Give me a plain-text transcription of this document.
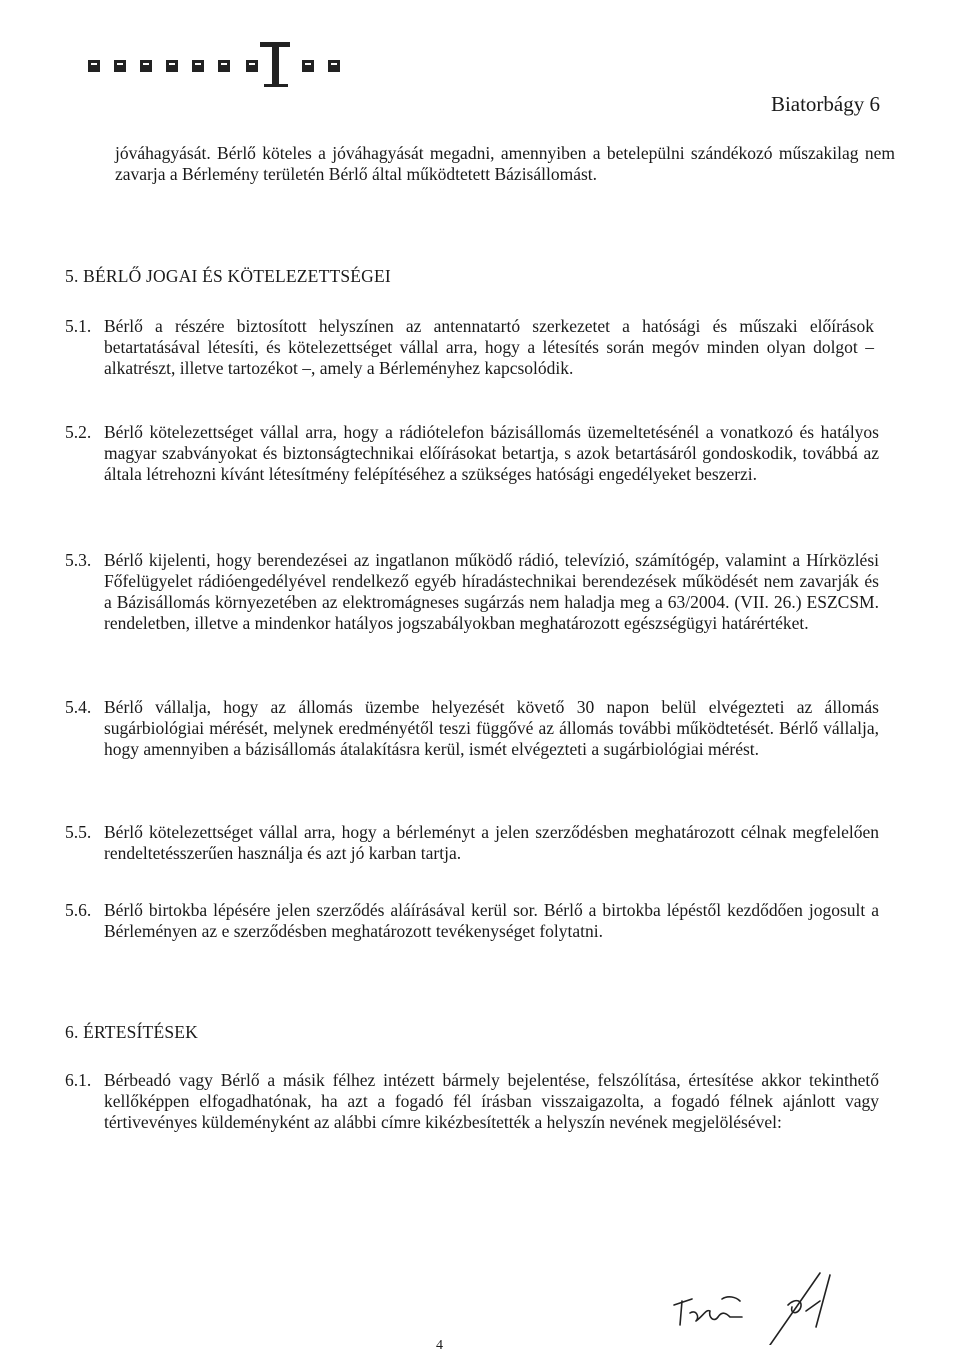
Biatorbágy 6

jóváhagyását. Bérlő köteles a jóváhagyását megadni, amennyiben a betelepülni szándékozó műszakilag nem zavarja a Bérlemény területén Bérlő által működtetett Bázisállomást.

5. BÉRLŐ JOGAI ÉS KÖTELEZETTSÉGEI
5.1. Bérlő a részére biztosított helyszínen az antennatartó szerkezetet a hatósági és műszaki előírások betartatásával létesíti, és kötelezettséget vállal arra, hogy a létesítés során megóv minden olyan dolgot – alkatrészt, illetve tartozékot –, amely a Bérleményhez kapcsolódik.

5.2. Bérlő kötelezettséget vállal arra, hogy a rádiótelefon bázisállomás üzemeltetésénél a vonatkozó és hatályos magyar szabványokat és biztonságtechnikai előírásokat betartja, s azok betartásáról gondoskodik, továbbá az általa létrehozni kívánt létesítmény felépítéséhez a szükséges hatósági engedélyeket beszerzi.

5.3. Bérlő kijelenti, hogy berendezései az ingatlanon működő rádió, televízió, számítógép, valamint a Hírközlési Főfelügyelet rádióengedélyével rendelkező egyéb híradástechnikai berendezések működését nem zavarják és a Bázisállomás környezetében az elektromágneses sugárzás nem haladja meg a 63/2004. (VII. 26.) ESZCSM. rendeletben, illetve a mindenkor hatályos jogszabályokban meghatározott egészségügyi határértéket.

5.4. Bérlő vállalja, hogy az állomás üzembe helyezését követő 30 napon belül elvégezteti az állomás sugárbiológiai mérését, melynek eredményétől teszi függővé az állomás további működtetését. Bérlő vállalja, hogy amennyiben a bázisállomás átalakításra kerül, ismét elvégezteti a sugárbiológiai mérést.

5.5. Bérlő kötelezettséget vállal arra, hogy a bérleményt a jelen szerződésben meghatározott célnak megfelelően rendeltetésszerűen használja és azt jó karban tartja.

5.6. Bérlő birtokba lépésére jelen szerződés aláírásával kerül sor. Bérlő a birtokba lépéstől kezdődően jogosult a Bérleményen az e szerződésben meghatározott tevékenységet folytatni.

6. ÉRTESÍTÉSEK
6.1. Bérbeadó vagy Bérlő a másik félhez intézett bármely bejelentése, felszólítása, értesítése akkor tekinthető kellőképpen elfogadhatónak, ha azt a fogadó fél írásban visszaigazolta, a fogadó félnek ajánlott vagy tértivevényes küldeményként az alábbi címre kikézbesítették a helyszín nevének megjelölésével:

4
